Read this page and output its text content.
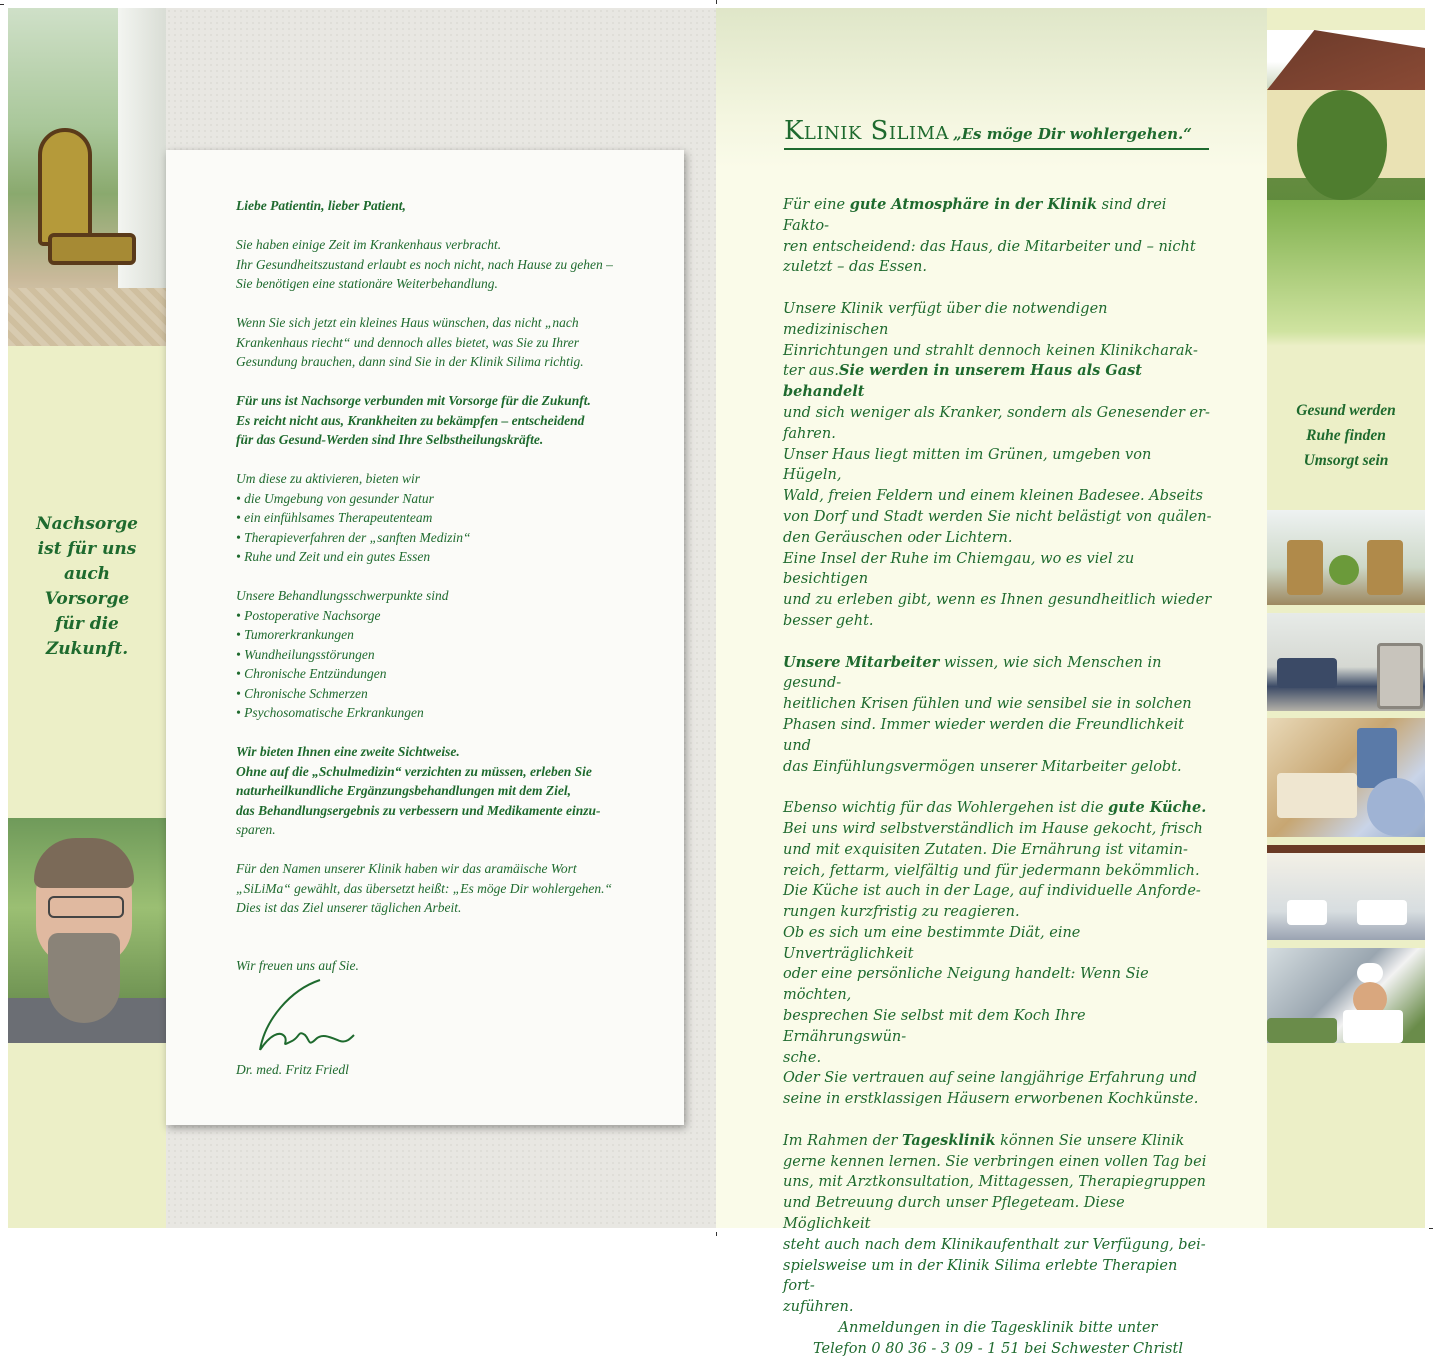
Nachsorge
ist für uns
auch
Vorsorge
für die
Zukunft.

Liebe Patientin, lieber Patient,

Sie haben einige Zeit im Krankenhaus verbracht.
Ihr Gesundheitszustand erlaubt es noch nicht, nach Hause zu gehen –
Sie benötigen eine stationäre Weiterbehandlung.

Wenn Sie sich jetzt ein kleines Haus wünschen, das nicht „nach
Krankenhaus riecht“ und dennoch alles bietet, was Sie zu Ihrer
Gesundung brauchen, dann sind Sie in der Klinik Silima richtig.

Für uns ist Nachsorge verbunden mit Vorsorge für die Zukunft.
Es reicht nicht aus, Krankheiten zu bekämpfen – entscheidend
für das Gesund-Werden sind Ihre Selbstheilungskräfte.

Um diese zu aktivieren, bieten wir
• die Umgebung von gesunder Natur
• ein einfühlsames Therapeutenteam
• Therapieverfahren der „sanften Medizin“
• Ruhe und Zeit und ein gutes Essen
Unsere Behandlungsschwerpunkte sind
• Postoperative Nachsorge
• Tumorerkrankungen
• Wundheilungsstörungen
• Chronische Entzündungen
• Chronische Schmerzen
• Psychosomatische Erkrankungen

Wir bieten Ihnen eine zweite Sichtweise.
Ohne auf die „Schulmedizin“ verzichten zu müssen, erleben Sie
naturheilkundliche Ergänzungsbehandlungen mit dem Ziel,
das Behandlungsergebnis zu verbessern und Medikamente einzu-
sparen.

Für den Namen unserer Klinik haben wir das aramäische Wort
„SiLiMa“ gewählt, das übersetzt heißt: „Es möge Dir wohlergehen.“
Dies ist das Ziel unserer täglichen Arbeit.

Wir freuen uns auf Sie.

Dr. med. Fritz Friedl
Klinik Silima „Es möge Dir wohlergehen.“

Für eine gute Atmosphäre in der Klinik sind drei Fakto-
ren entscheidend: das Haus, die Mitarbeiter und – nicht
zuletzt – das Essen.

Unsere Klinik verfügt über die notwendigen medizinischen
Einrichtungen und strahlt dennoch keinen Klinikcharak-
ter aus.Sie werden in unserem Haus als Gast behandelt
und sich weniger als Kranker, sondern als Genesender er-
fahren.

Unser Haus liegt mitten im Grünen, umgeben von Hügeln,
Wald, freien Feldern und einem kleinen Badesee. Abseits
von Dorf und Stadt werden Sie nicht belästigt von quälen-
den Geräuschen oder Lichtern.

Eine Insel der Ruhe im Chiemgau, wo es viel zu besichtigen
und zu erleben gibt, wenn es Ihnen gesundheitlich wieder
besser geht.

Unsere Mitarbeiter wissen, wie sich Menschen in gesund-
heitlichen Krisen fühlen und wie sensibel sie in solchen
Phasen sind. Immer wieder werden die Freundlichkeit und
das Einfühlungsvermögen unserer Mitarbeiter gelobt.

Ebenso wichtig für das Wohlergehen ist die gute Küche.
Bei uns wird selbstverständlich im Hause gekocht, frisch
und mit exquisiten Zutaten. Die Ernährung ist vitamin-
reich, fettarm, vielfältig und für jedermann bekömmlich.
Die Küche ist auch in der Lage, auf individuelle Anforde-
rungen kurzfristig zu reagieren.

Ob es sich um eine bestimmte Diät, eine Unverträglichkeit
oder eine persönliche Neigung handelt: Wenn Sie möchten,
besprechen Sie selbst mit dem Koch Ihre Ernährungswün-
sche.

Oder Sie vertrauen auf seine langjährige Erfahrung und
seine in erstklassigen Häusern erworbenen Kochkünste.

Im Rahmen der Tagesklinik können Sie unsere Klinik
gerne kennen lernen. Sie verbringen einen vollen Tag bei
uns, mit Arztkonsultation, Mittagessen, Therapiegruppen
und Betreuung durch unser Pflegeteam. Diese Möglichkeit
steht auch nach dem Klinikaufenthalt zur Verfügung, bei-
spielsweise um in der Klinik Silima erlebte Therapien fort-
zuführen.

Anmeldungen in die Tagesklinik bitte unter
Telefon 0 80 36 - 3 09 - 1 51 bei Schwester Christl

Gesund werden
Ruhe finden
Umsorgt sein
